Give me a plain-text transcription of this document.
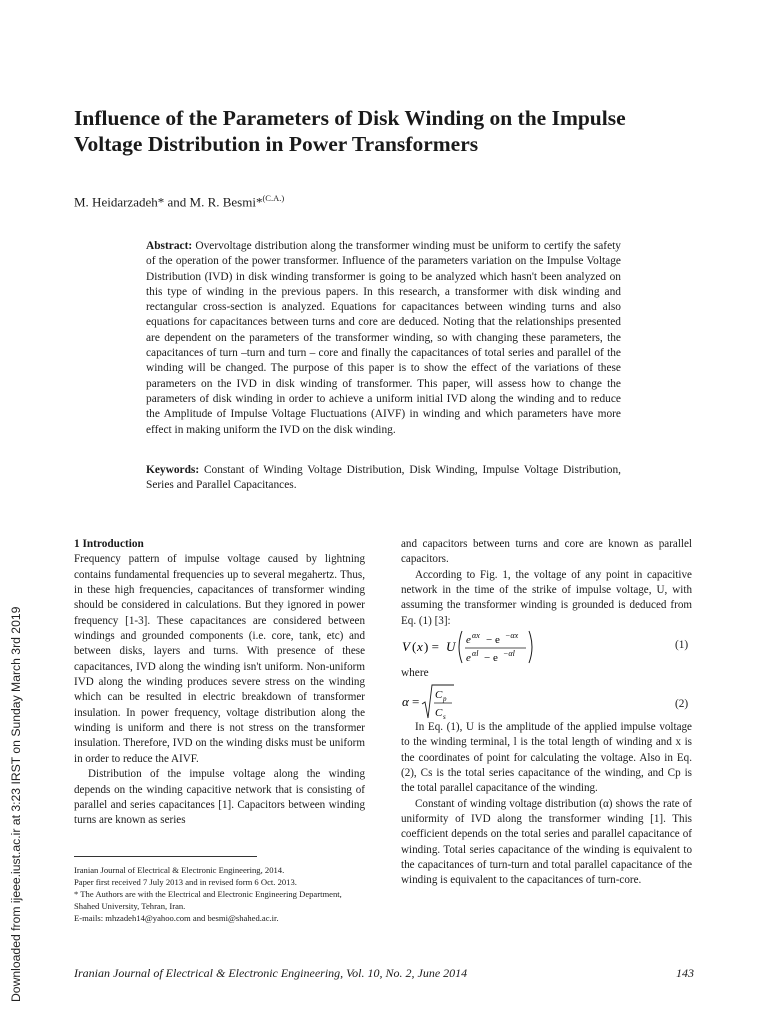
Downloaded from ijeee.iust.ac.ir at 3:23 IRST on Sunday March 3rd 2019
Influence of the Parameters of Disk Winding on the Impulse
Voltage Distribution in Power Transformers
M. Heidarzadeh* and M. R. Besmi*$^{(C.A.)}$
Abstract: Overvoltage distribution along the transformer winding must be uniform to certify the safety of the operation of the power transformer. Influence of the parameters variation on the Impulse Voltage Distribution (IVD) in disk winding transformer is going to be analyzed which hasn't been analyzed on this type of winding in the previous papers. In this research, a transformer with disk winding and rectangular cross-section is analyzed. Equations for capacitances between winding turns and also equations for capacitances between turns and core are deduced. Noting that the relationships presented are dependent on the parameters of the transformer winding, so with changing these parameters, the capacitances of turn –turn and turn – core and finally the capacitances of total series and parallel of the winding will be changed. The purpose of this paper is to show the effect of the variations of these parameters on the IVD in disk winding of transformer. This paper, will assess how to change the parameters of disk winding in order to achieve a uniform initial IVD along the winding and to reduce the Amplitude of Impulse Voltage Fluctuations (AIVF) in winding and which parameters have more effect in making uniform the IVD on the disk winding.
Keywords: Constant of Winding Voltage Distribution, Disk Winding, Impulse Voltage Distribution, Series and Parallel Capacitances.

1 Introduction

Frequency pattern of impulse voltage caused by lightning contains fundamental frequencies up to several megahertz. Thus, in these high frequencies, capacitances of transformer winding should be considered in calculations. But they ignored in power frequency [1-3]. These capacitances are considered between windings and grounded components (i.e. core, tank, etc) and between disks, layers and turns. With presence of these capacitances, IVD along the winding isn't uniform. Non-uniform IVD along the winding produces severe stress on the winding which can be resulted in electric breakdown of transformer insulation. In power frequency, voltage distribution along the winding is uniform and there is not stress on the transformer insulation. Therefore, IVD on the winding disks must be uniform in order to reduce the AIVF.

Distribution of the impulse voltage along the winding depends on the winding capacitive network that is consisting of parallel and series capacitances [1]. Capacitors between winding turns are known as series

Iranian Journal of Electrical & Electronic Engineering, 2014.

Paper first received 7 July 2013 and in revised form 6 Oct. 2013.

* The Authors are with the Electrical and Electronic Engineering Department, Shahed University, Tehran, Iran.

E-mails: mhzadeh14@yahoo.com and besmi@shahed.ac.ir.

and capacitors between turns and core are known as parallel capacitors.

According to Fig. 1, the voltage of any point in capacitive network in the time of the strike of impulse voltage, U, with assuming the transformer winding is grounded is deduced from Eq. (1) [3]:

V ( x ) = U e αx − e −αx
e αl − e −αl
(1)
where
α = C p
C s
(2)

In Eq. (1), U is the amplitude of the applied impulse voltage to the winding terminal, l is the total length of winding and x is the coordinates of point for calculating the voltage. Also in Eq. (2), Cs is the total series capacitance of the winding, and Cp is the total parallel capacitance of the winding.

Constant of winding voltage distribution (α) shows the rate of uniformity of IVD along the transformer winding [1]. This coefficient depends on the total series and parallel capacitance of winding. Total series capacitance of the winding is equivalent to the capacitances of turn-turn and total parallel capacitance of the winding is equivalent to the capacitances of turn-core.

Iranian Journal of Electrical & Electronic Engineering, Vol. 10, No. 2, June 2014	143
